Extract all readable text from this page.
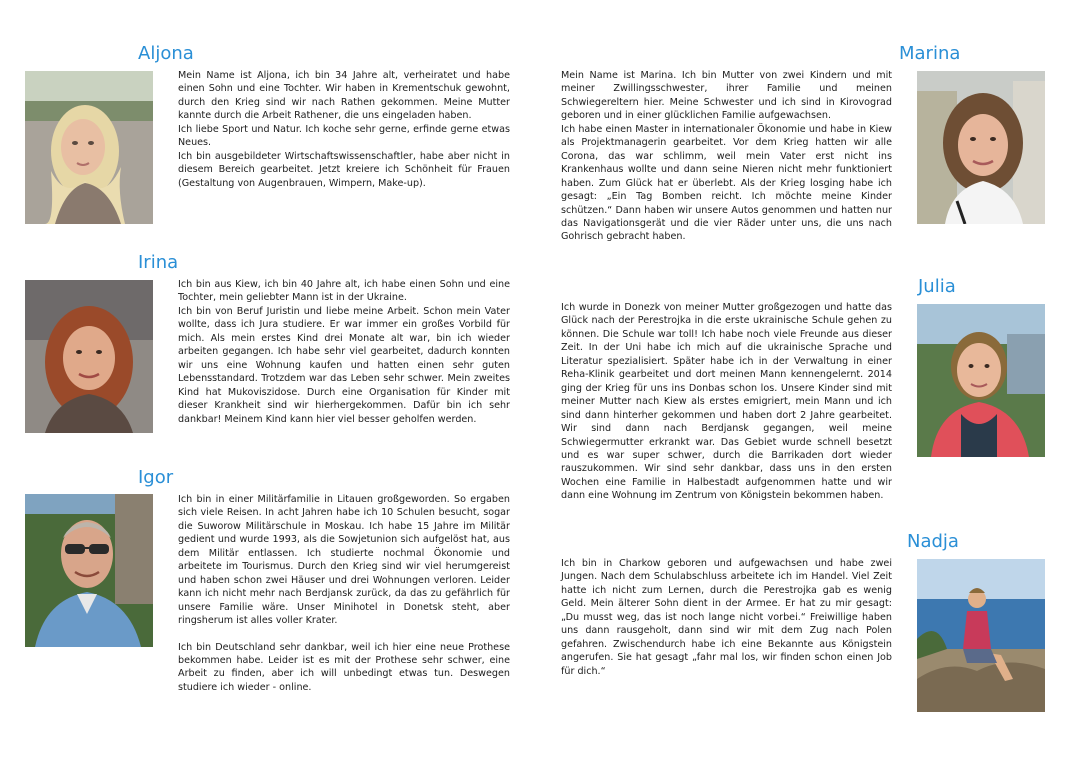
Aljona

Mein Name ist Aljona, ich bin 34 Jahre alt, verheiratet und habe einen Sohn und eine Tochter. Wir haben in Krementschuk gewohnt, durch den Krieg sind wir nach Rathen gekommen. Meine Mutter kannte durch die Arbeit Rathener, die uns eingeladen haben.

Ich liebe Sport und Natur. Ich koche sehr gerne, erfinde gerne etwas Neues.

Ich bin ausgebildeter Wirtschaftswissenschaftler, habe aber nicht in diesem Bereich gearbeitet. Jetzt kreiere ich Schönheit für Frauen (Gestaltung von Augenbrauen, Wimpern, Make-up).

Irina

Ich bin aus Kiew, ich bin 40 Jahre alt, ich habe einen Sohn und eine Tochter, mein geliebter Mann ist in der Ukraine.

Ich bin von Beruf Juristin und liebe meine Arbeit. Schon mein Vater wollte, dass ich Jura studiere. Er war immer ein großes Vorbild für mich. Als mein erstes Kind drei Monate alt war, bin ich wieder arbeiten gegangen. Ich habe sehr viel gearbeitet, dadurch konnten wir uns eine Wohnung kaufen und hatten einen sehr guten Lebensstandard. Trotzdem war das Leben sehr schwer. Mein zweites Kind hat Mukoviszidose. Durch eine Organisation für Kinder mit dieser Krankheit sind wir hierhergekommen. Dafür bin ich sehr dankbar! Meinem Kind kann hier viel besser geholfen werden.

Igor

Ich bin in einer Militärfamilie in Litauen großgeworden. So ergaben sich viele Reisen. In acht Jahren habe ich 10 Schulen besucht, sogar die Suworow Militärschule in Moskau. Ich habe 15 Jahre im Militär gedient und wurde 1993, als die Sowjetunion sich aufgelöst hat, aus dem Militär entlassen. Ich studierte nochmal Ökonomie und arbeitete im Tourismus. Durch den Krieg sind wir viel herumgereist und haben schon zwei Häuser und drei Wohnungen verloren. Leider kann ich nicht mehr nach Berdjansk zurück, da das zu gefährlich für unsere Familie wäre. Unser Minihotel in Donetsk steht, aber ringsherum ist alles voller Krater.

Ich bin Deutschland sehr dankbar, weil ich hier eine neue Prothese bekommen habe. Leider ist es mit der Prothese sehr schwer, eine Arbeit zu finden, aber ich will unbedingt etwas tun. Deswegen studiere ich wieder - online.

Marina

Mein Name ist Marina. Ich bin Mutter von zwei Kindern und mit meiner Zwillingsschwester, ihrer Familie und meinen Schwiegereltern hier. Meine Schwester und ich sind in Kirovograd geboren und in einer glücklichen Familie aufgewachsen.

Ich habe einen Master in internationaler Ökonomie und habe in Kiew als Projektmanagerin gearbeitet. Vor dem Krieg hatten wir alle Corona, das war schlimm, weil mein Vater erst nicht ins Krankenhaus wollte und dann seine Nieren nicht mehr funktioniert haben. Zum Glück hat er überlebt. Als der Krieg losging habe ich gesagt: „Ein Tag Bomben reicht. Ich möchte meine Kinder schützen.“ Dann haben wir unsere Autos genommen und hatten nur das Navigationsgerät und die vier Räder unter uns, die uns nach Gohrisch gebracht haben.

Julia

Ich wurde in Donezk von meiner Mutter großgezogen und hatte das Glück nach der Perestrojka in die erste ukrainische Schule gehen zu können. Die Schule war toll! Ich habe noch viele Freunde aus dieser Zeit. In der Uni habe ich mich auf die ukrainische Sprache und Literatur spezialisiert. Später habe ich in der Verwaltung in einer Reha-Klinik gearbeitet und dort meinen Mann kennengelernt. 2014 ging der Krieg für uns ins Donbas schon los. Unsere Kinder sind mit meiner Mutter nach Kiew als erstes emigriert, mein Mann und ich sind dann hinterher gekommen und haben dort 2 Jahre gearbeitet. Wir sind dann nach Berdjansk gegangen, weil meine Schwiegermutter erkrankt war. Das Gebiet wurde schnell besetzt und es war super schwer, durch die Barrikaden dort wieder rauszukommen. Wir sind sehr dankbar, dass uns in den ersten Wochen eine Familie in Halbestadt aufgenommen hatte und wir dann eine Wohnung im Zentrum von Königstein bekommen haben.

Nadja

Ich bin in Charkow geboren und aufgewachsen und habe zwei Jungen. Nach dem Schulabschluss arbeitete ich im Handel. Viel Zeit hatte ich nicht zum Lernen, durch die Perestrojka gab es wenig Geld. Mein älterer Sohn dient in der Armee. Er hat zu mir gesagt: „Du musst weg, das ist noch lange nicht vorbei.“ Freiwillige haben uns dann rausgeholt, dann sind wir mit dem Zug nach Polen gefahren. Zwischendurch habe ich eine Bekannte aus Königstein angerufen. Sie hat gesagt „fahr mal los, wir finden schon einen Job für dich.“
